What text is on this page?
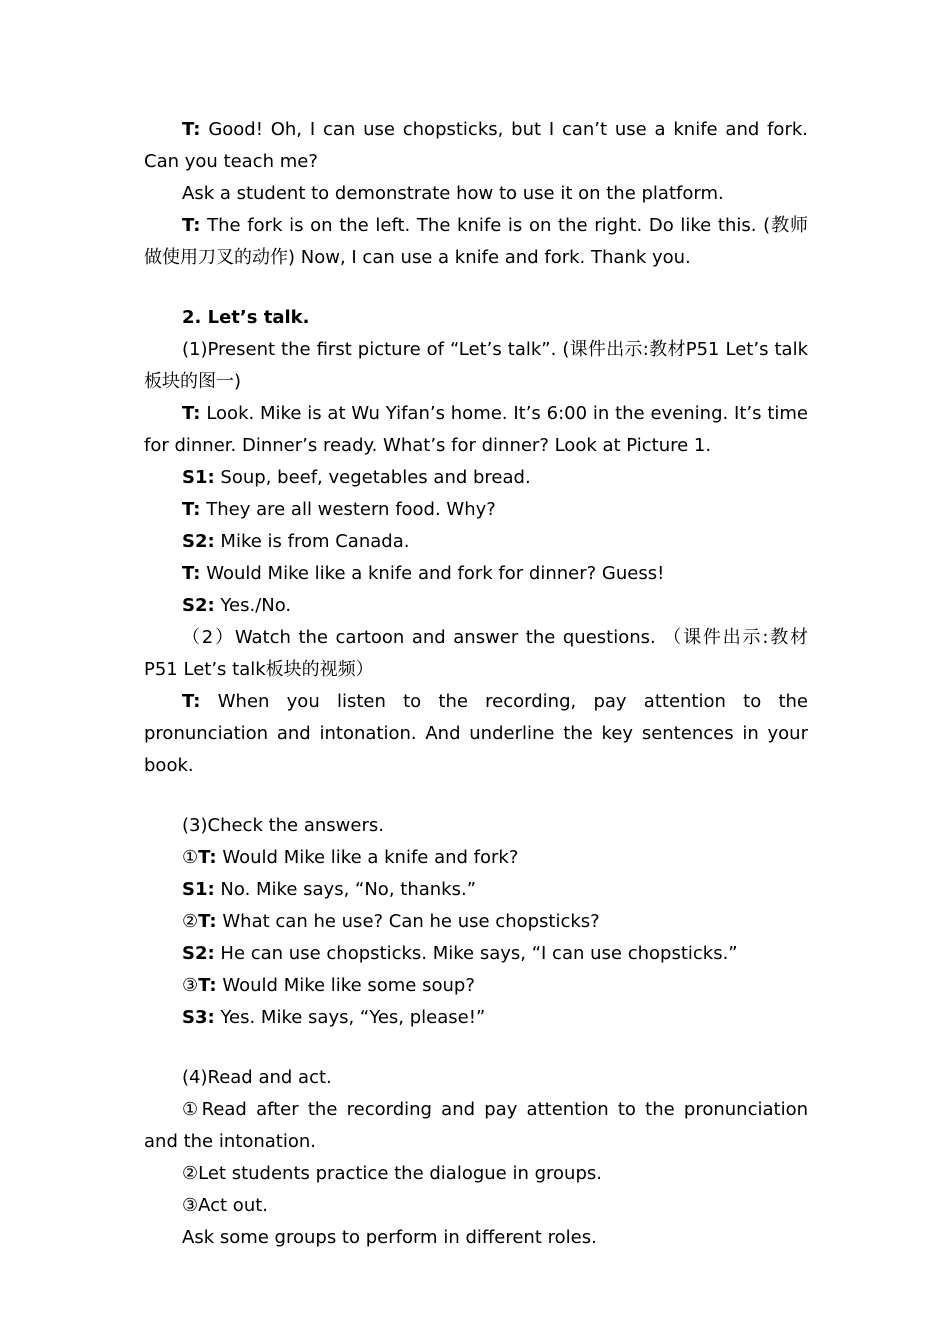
T: Good! Oh, I can use chopsticks, but I can’t use a knife and fork. Can you teach me?

Ask a student to demonstrate how to use it on the platform.

T: The fork is on the left. The knife is on the right. Do like this. (教师做使用刀叉的动作) Now, I can use a knife and fork. Thank you.

2. Let’s talk.

(1)Present the first picture of “Let’s talk”. (课件出示:教材P51 Let’s talk板块的图一)

T: Look. Mike is at Wu Yifan’s home. It’s 6:00 in the evening. It’s time for dinner. Dinner’s ready. What’s for dinner? Look at Picture 1.

S1: Soup, beef, vegetables and bread.

T: They are all western food. Why?

S2: Mike is from Canada.

T: Would Mike like a knife and fork for dinner? Guess!

S2: Yes./No.

（2）Watch the cartoon and answer the questions. （课件出示:教材P51 Let’s talk板块的视频）

T: When you listen to the recording, pay attention to the pronunciation and intonation. And underline the key sentences in your book.

(3)Check the answers.

①T: Would Mike like a knife and fork?

S1: No. Mike says, “No, thanks.”

②T: What can he use? Can he use chopsticks?

S2: He can use chopsticks. Mike says, “I can use chopsticks.”

③T: Would Mike like some soup?

S3: Yes. Mike says, “Yes, please!”

(4)Read and act.

①Read after the recording and pay attention to the pronunciation and the intonation.

②Let students practice the dialogue in groups.

③Act out.

Ask some groups to perform in different roles.
